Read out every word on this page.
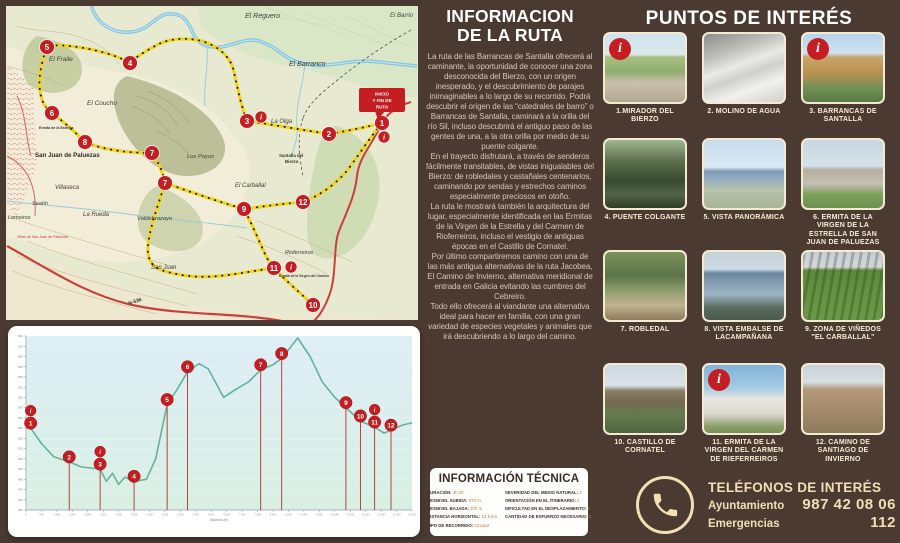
El Reguero	El Barrio
El Barranco
El Fraile
El Coucho
La Olga
Ermita de la Estrella
San Juan de Paluezas	Los Poyos
El Carballal
Villaseca
Seatín
Lomeiros	La Rueda
Valdebrazayo
Viñas de San Juan de Paluezas
San Juan
Santalla del
Bierzo
Rioferreiros
Ermita de la Virgen del Carmen
N-536
i
i
i
5
4
6
3
2
1
8
7
7
9
12
11
10
INICIO
Y FIN DE
RUTA
450
460
470
480
490
500
510
520
530
540
550
560
570
580
590
600
610
620
0	500	1.000	1.500	2.000	2.500	3.000	3.500	4.000	4.500	5.000	5.500	6.000	6.500	7.000	7.500	8.000	8.500	9.000	9.500	10.000	10.500	11.000	11.500	12.000	12.500
Distancia (m)
1
i
2
3
i
4
5
6	7
8
9
10
11
i
12
INFORMACION
DE LA RUTA

La ruta de las Barrancas de Santalla ofrecerá al caminante, la oportunidad de conocer una zona desconocida del Bierzo, con un origen inesperado, y el descubrimiento de parajes inimaginables a lo largo de su recorrido. Podrá descubrir el origen de las “catedrales de barro” o Barrancas de Santalla, caminará a la orilla del río Sil, incluso descubrirá el antiguo paso de las gentes de una, a la otra orilla por medio de su puente colgante.

En el trayecto disfrutará, a través de senderos fácilmente transitables, de vistas inigualables del Bierzo: de robledales y castañales centenarios, caminando por sendas y estrechos caminos especialmente preciosos en otoño.

La ruta le mostrará también la arquitectura del lugar, especialmente identificada en las Ermitas de la Virgen de la Estrella y del Carmen de Rioferreiros, incluso el vestigio de antiguas épocas en el Castillo de Cornatel.

Por último compartiremos camino con una de las más antigua alternativas de la ruta Jacobea, El Camino de Invierno, alternativa meridional de entrada en Galicia evitando las cumbres del Cebreiro.

Todo ello ofrecerá al viandante una alternativa ideal para hacer en familia, con una gran variedad de especies vegetales y animales que irá descubriendo a lo largo del camino.

INFORMACIÓN TÉCNICA
DURACIÓN: 4h 30'
DESNIVEL SUBIDA: 370 m
DESNIVEL BAJADA: 370 m
DISTANCIA HORIZONTAL: 12,5 km
TIPO DE RECORRIDO: Circular
SEVERIDAD DEL MEDIO NATURAL: 2
ORIENTACIÓN EN EL ITINERARIO: 2
DIFICULTAD EN EL DESPLAZAMIENTO: 2
CANTIDAD DE ESFUERZO NECESARIO: 3
PUNTOS DE INTERÉS
i
1.MIRADOR DEL BIERZO
2. MOLINO DE AGUA
i
3. BARRANCAS DE SANTALLA
4. PUENTE COLGANTE	5. VISTA PANORÁMICA	6. ERMITA DE LA VIRGEN DE LA ESTRELLA DE SAN JUAN DE PALUEZAS
7. ROBLEDAL	8. VISTA EMBALSE DE LACAMPAÑANA
9. ZONA DE VIÑEDOS "EL CARBALLAL"
10. CASTILLO DE CORNATEL
i
11. ERMITA DE LA VIRGEN DEL CARMEN DE RIEFERREIROS
12. CAMINO DE SANTIAGO DE INVIERNO
TELÉFONOS DE INTERÉS
Ayuntamiento 987 42 08 06
Emergencias	112
